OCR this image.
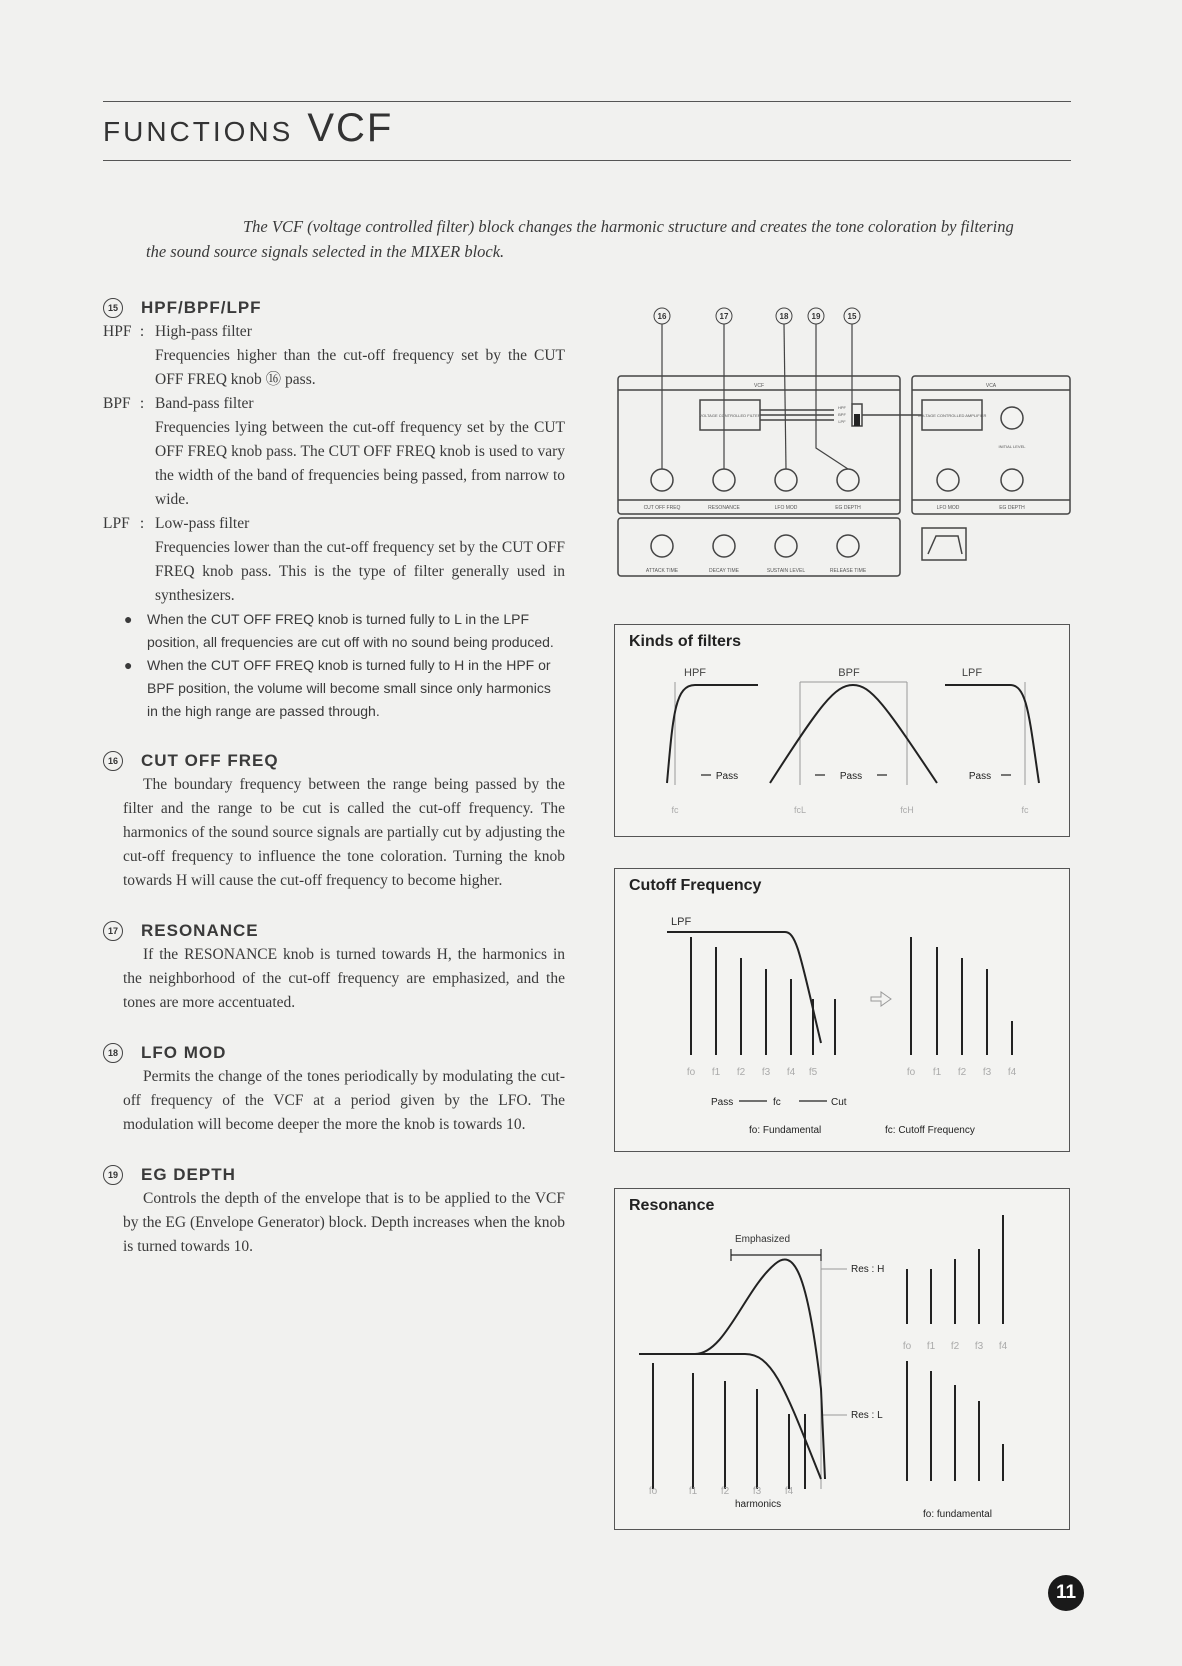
FUNCTIONS VCF
The VCF (voltage controlled filter) block changes the harmonic structure and creates the tone coloration by filtering the sound source signals selected in the MIXER block.
15 HPF/BPF/LPF
HPF : High-pass filter
Frequencies higher than the cut-off frequency set by the CUT OFF FREQ knob ⑯ pass.
BPF : Band-pass filter
Frequencies lying between the cut-off frequency set by the CUT OFF FREQ knob pass. The CUT OFF FREQ knob is used to vary the width of the band of frequencies being passed, from narrow to wide.
LPF : Low-pass filter
Frequencies lower than the cut-off frequency set by the CUT OFF FREQ knob pass. This is the type of filter generally used in synthesizers.
● When the CUT OFF FREQ knob is turned fully to L in the LPF position, all frequencies are cut off with no sound being produced.
● When the CUT OFF FREQ knob is turned fully to H in the HPF or BPF position, the volume will become small since only harmonics in the high range are passed through.
16 CUT OFF FREQ
The boundary frequency between the range being passed by the filter and the range to be cut is called the cut-off frequency. The harmonics of the sound source signals are partially cut by adjusting the cut-off frequency to influence the tone coloration. Turning the knob towards H will cause the cut-off frequency to become higher.
17 RESONANCE
If the RESONANCE knob is turned towards H, the harmonics in the neighborhood of the cut-off frequency are emphasized, and the tones are more accentuated.
18 LFO MOD
Permits the change of the tones periodically by modulating the cut-off frequency of the VCF at a period given by the LFO. The modulation will become deeper the more the knob is towards 10.
19 EG DEPTH
Controls the depth of the envelope that is to be applied to the VCF by the EG (Envelope Generator) block. Depth increases when the knob is turned towards 10.
16	17	18	19	15
VCF	VCA
VOLTAGE CONTROLLED FILTER	VOLTAGE CONTROLLED AMPLIFIER
HPF
BPF
LPF
INITIAL LEVEL
CUT OFF FREQ	RESONANCE	LFO MOD	EG DEPTH	LFO MOD	EG DEPTH
ATTACK TIME	DECAY TIME	SUSTAIN LEVEL	RELEASE TIME
Kinds of filters
HPF	BPF	LPF
Pass	Pass	Pass
fc	fcL	fcH	fc
Cutoff Frequency
LPF
fo f1 f2 f3 f4 f5	fo f1 f2 f3 f4
Pass	fc	Cut
fo: Fundamental	fc: Cutoff Frequency
Resonance
Emphasized
Res : H
Res : L
fo f1 f2 f3 f4
fo	f1 f2 f3 f4
harmonics
fo: fundamental
11
